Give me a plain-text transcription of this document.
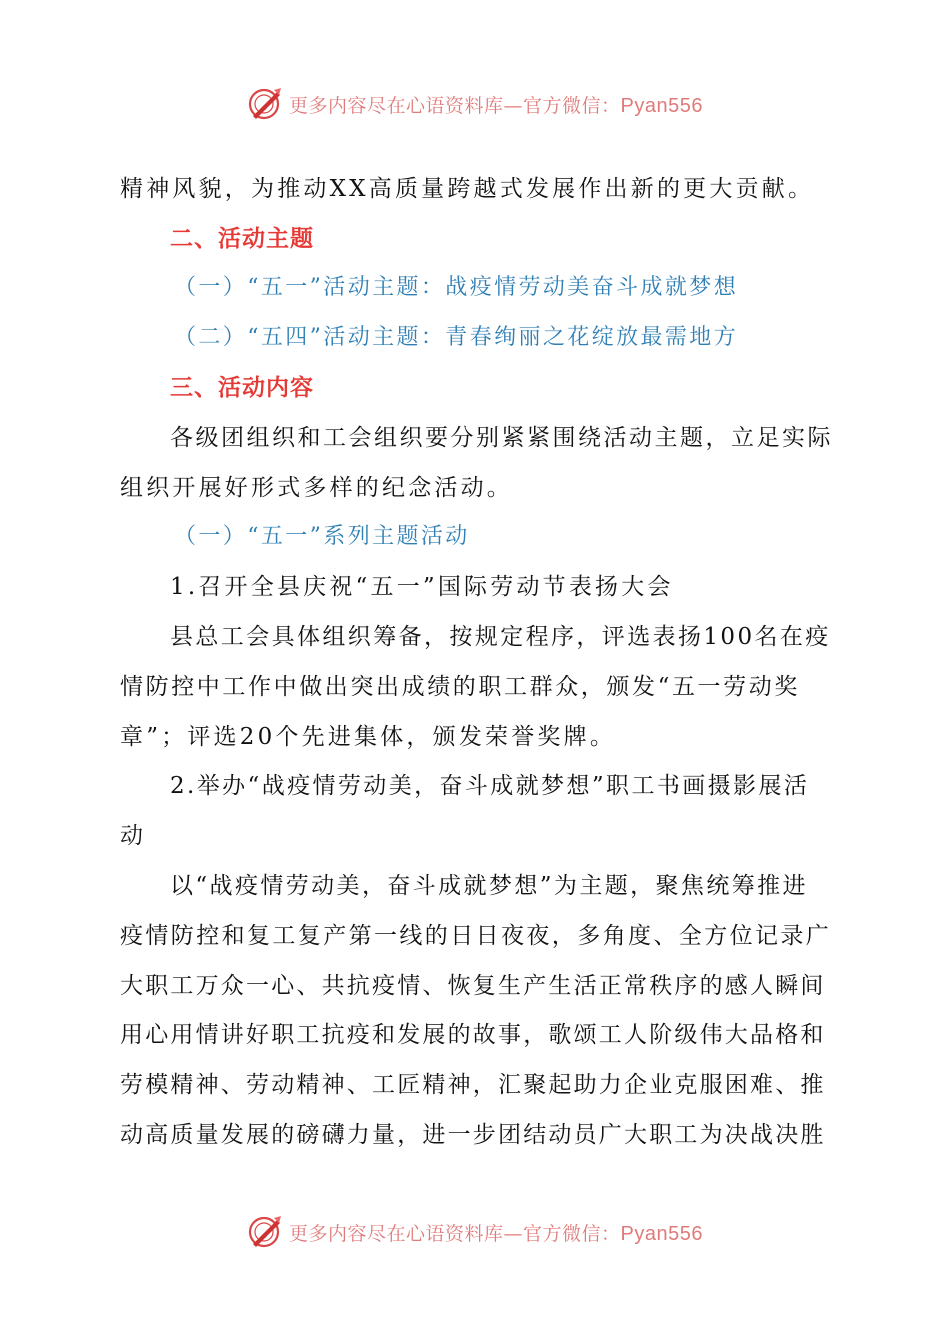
更多内容尽在心语资料库—官方微信：Pyan556
精神风貌，为推动XX高质量跨越式发展作出新的更大贡献。
二、活动主题
（一）“五一”活动主题：战疫情劳动美奋斗成就梦想
（二）“五四”活动主题：青春绚丽之花绽放最需地方
三、活动内容
各级团组织和工会组织要分别紧紧围绕活动主题，立足实际
组织开展好形式多样的纪念活动。
（一）“五一”系列主题活动
1.召开全县庆祝“五一”国际劳动节表扬大会
县总工会具体组织筹备，按规定程序，评选表扬100名在疫
情防控中工作中做出突出成绩的职工群众，颁发“五一劳动奖
章”；评选20个先进集体，颁发荣誉奖牌。
2.举办“战疫情劳动美，奋斗成就梦想”职工书画摄影展活
动
以“战疫情劳动美，奋斗成就梦想”为主题，聚焦统筹推进
疫情防控和复工复产第一线的日日夜夜，多角度、全方位记录广
大职工万众一心、共抗疫情、恢复生产生活正常秩序的感人瞬间
用心用情讲好职工抗疫和发展的故事，歌颂工人阶级伟大品格和
劳模精神、劳动精神、工匠精神，汇聚起助力企业克服困难、推
动高质量发展的磅礴力量，进一步团结动员广大职工为决战决胜
更多内容尽在心语资料库—官方微信：Pyan556
